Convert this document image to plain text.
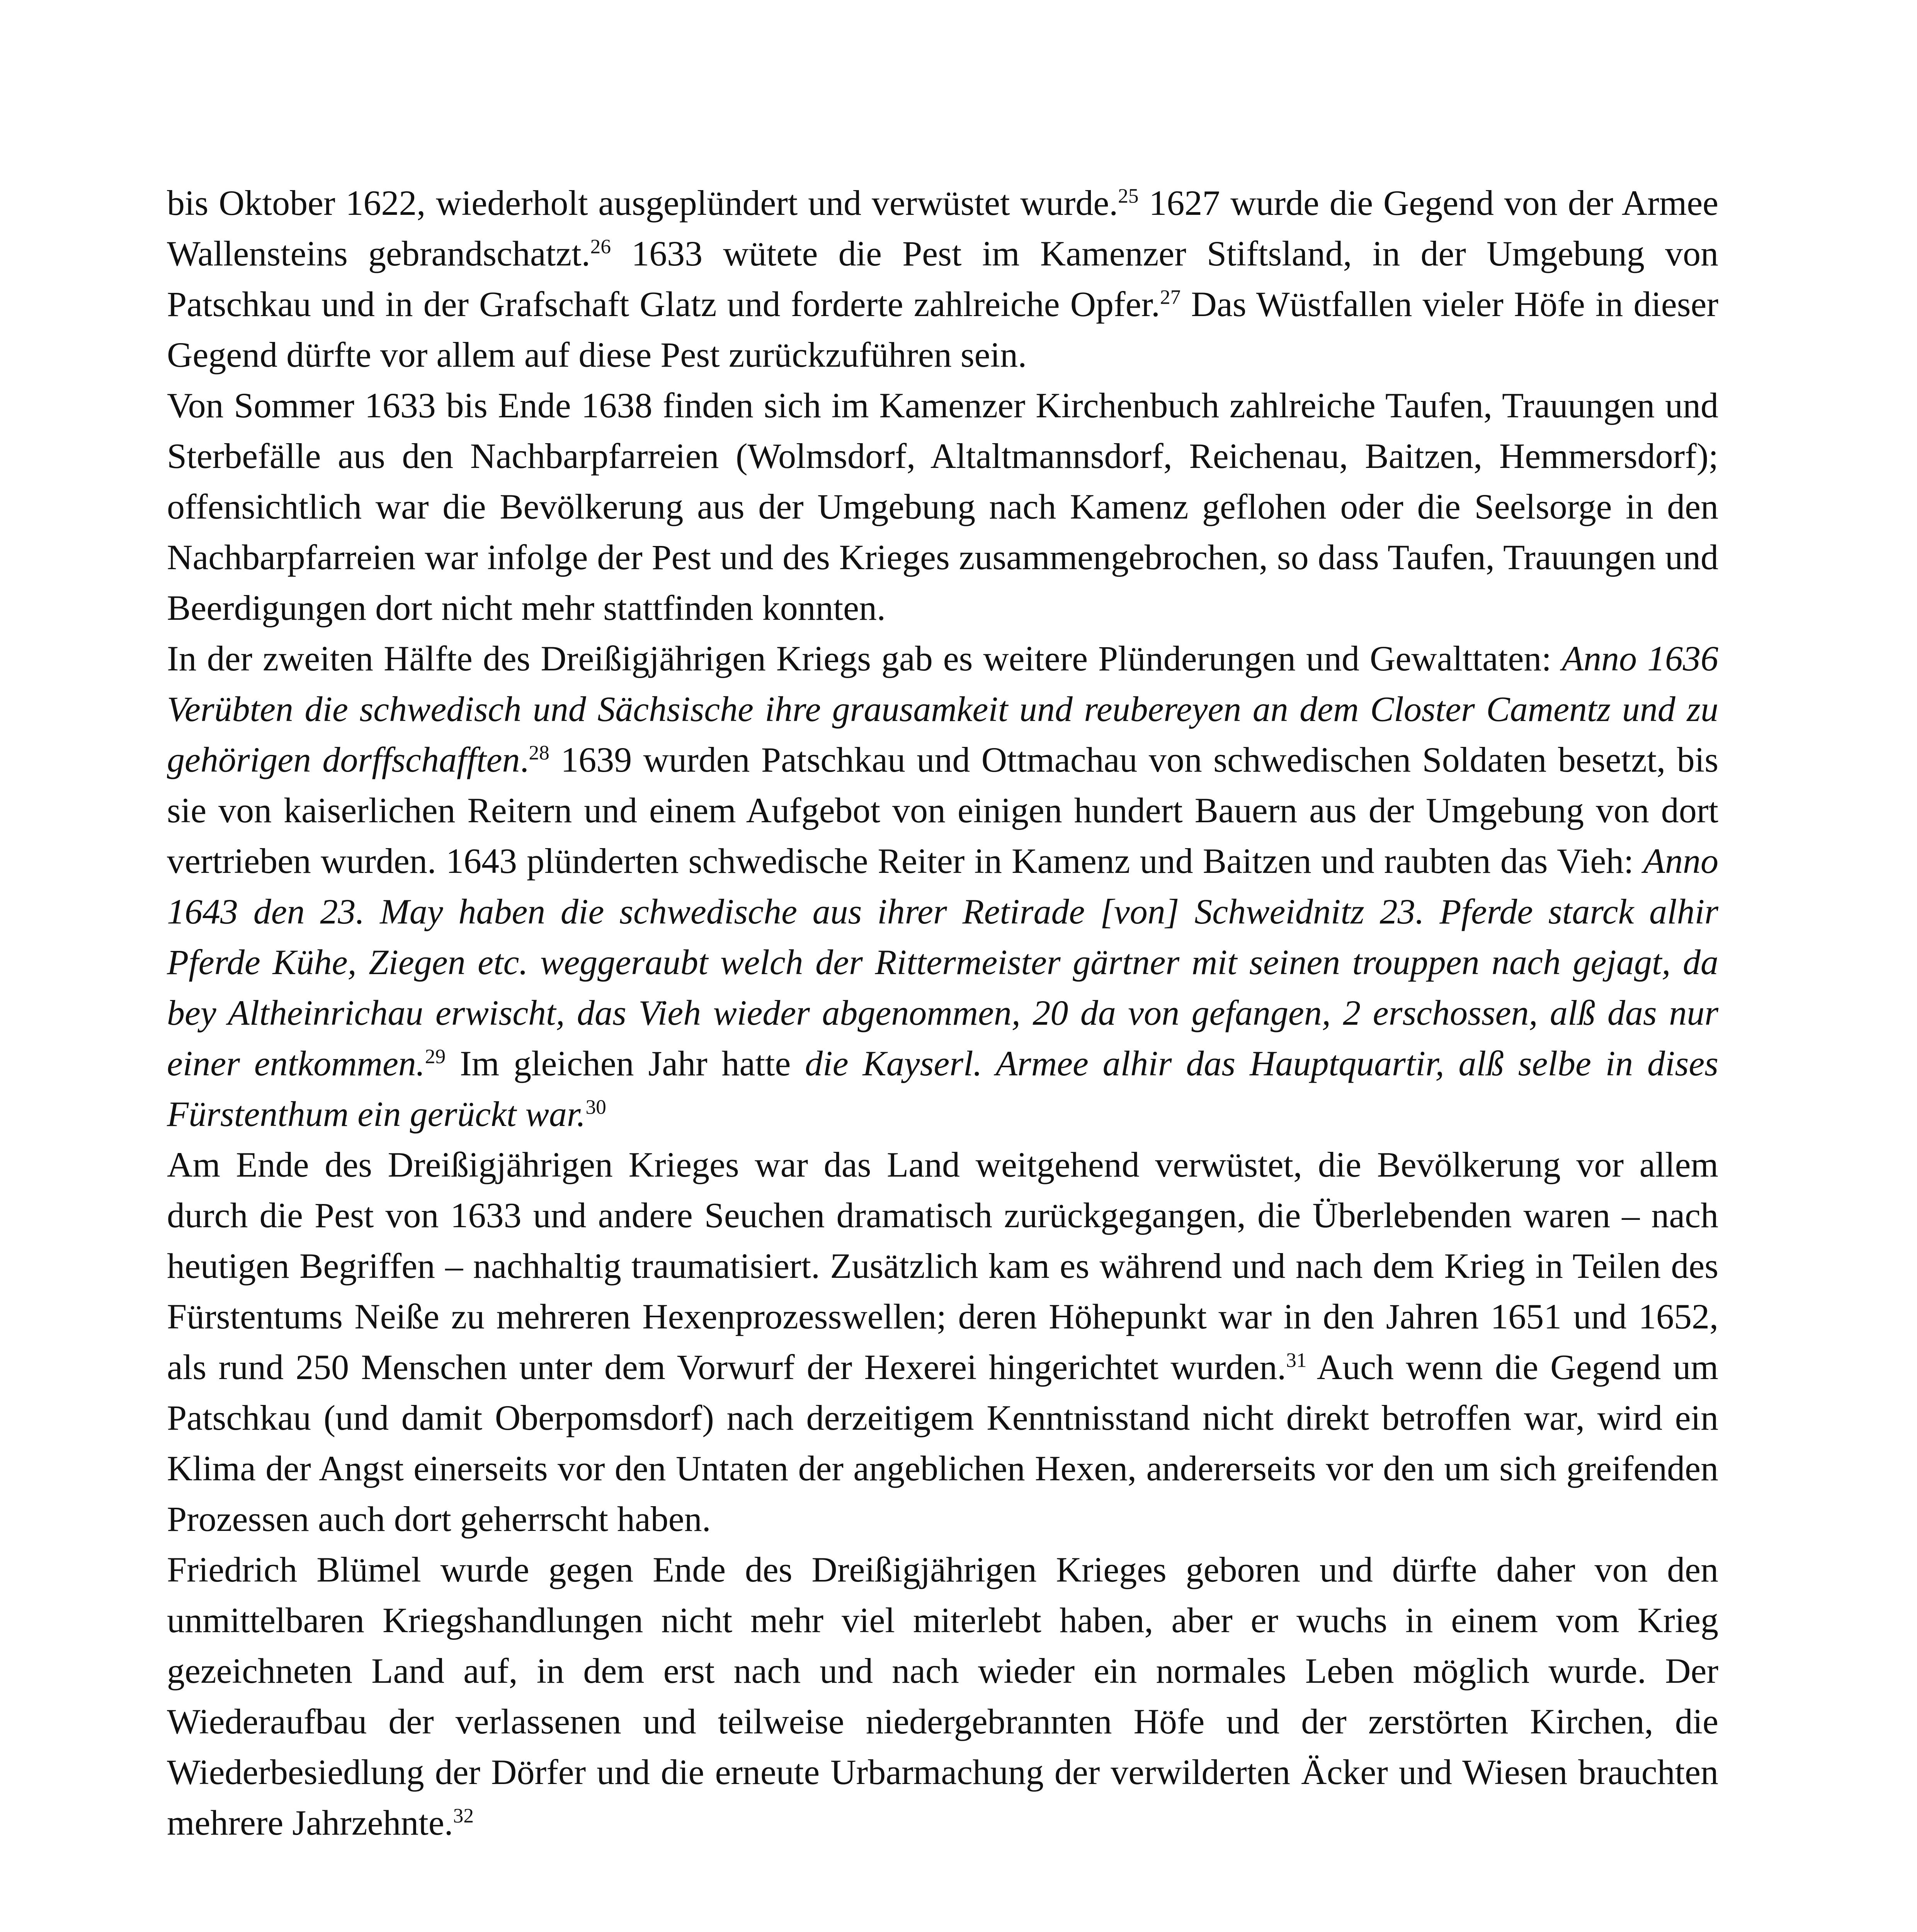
bis Oktober 1622, wiederholt ausgeplündert und verwüstet wurde.$^{25}$ 1627 wurde die Gegend von der Armee Wallensteins gebrandschatzt.$^{26}$ 1633 wütete die Pest im Kamenzer Stiftsland, in der Umgebung von Patschkau und in der Grafschaft Glatz und forderte zahlreiche Opfer.$^{27}$ Das Wüstfallen vieler Höfe in dieser Gegend dürfte vor allem auf diese Pest zurückzuführen sein.

Von Sommer 1633 bis Ende 1638 finden sich im Kamenzer Kirchenbuch zahlreiche Taufen, Trauungen und Sterbefälle aus den Nachbarpfarreien (Wolmsdorf, Altaltmannsdorf, Reichenau, Baitzen, Hemmersdorf); offensichtlich war die Bevölkerung aus der Umgebung nach Kamenz geflohen oder die Seelsorge in den Nachbarpfarreien war infolge der Pest und des Krieges zusammengebrochen, so dass Taufen, Trauungen und Beerdigungen dort nicht mehr stattfinden konnten.

In der zweiten Hälfte des Dreißigjährigen Kriegs gab es weitere Plünderungen und Gewalttaten: Anno 1636 Verübten die schwedisch und Sächsische ihre grausamkeit und reubereyen an dem Closter Camentz und zu gehörigen dorffschafften.$^{28}$ 1639 wurden Patschkau und Ottmachau von schwedischen Soldaten besetzt, bis sie von kaiserlichen Reitern und einem Aufgebot von einigen hundert Bauern aus der Umgebung von dort vertrieben wurden. 1643 plünderten schwedische Reiter in Kamenz und Baitzen und raubten das Vieh: Anno 1643 den 23. May haben die schwedische aus ihrer Retirade [von] Schweidnitz 23. Pferde starck alhir Pferde Kühe, Ziegen etc. weggeraubt welch der Rittermeister gärtner mit seinen trouppen nach gejagt, da bey Altheinrichau erwischt, das Vieh wieder abgenommen, 20 da von gefangen, 2 erschossen, alß das nur einer entkommen.$^{29}$ Im gleichen Jahr hatte die Kayserl. Armee alhir das Hauptquartir, alß selbe in dises Fürstenthum ein gerückt war.$^{30}$

Am Ende des Dreißigjährigen Krieges war das Land weitgehend verwüstet, die Bevölkerung vor allem durch die Pest von 1633 und andere Seuchen dramatisch zurückgegangen, die Überlebenden waren – nach heutigen Begriffen – nachhaltig traumatisiert. Zusätzlich kam es während und nach dem Krieg in Teilen des Fürstentums Neiße zu mehreren Hexenprozesswellen; deren Höhepunkt war in den Jahren 1651 und 1652, als rund 250 Menschen unter dem Vorwurf der Hexerei hingerichtet wurden.$^{31}$ Auch wenn die Gegend um Patschkau (und damit Oberpomsdorf) nach derzeitigem Kenntnisstand nicht direkt betroffen war, wird ein Klima der Angst einerseits vor den Untaten der angeblichen Hexen, andererseits vor den um sich greifenden Prozessen auch dort geherrscht haben.

Friedrich Blümel wurde gegen Ende des Dreißigjährigen Krieges geboren und dürfte daher von den unmittelbaren Kriegshandlungen nicht mehr viel miterlebt haben, aber er wuchs in einem vom Krieg gezeichneten Land auf, in dem erst nach und nach wieder ein normales Leben möglich wurde. Der Wiederaufbau der verlassenen und teilweise niedergebrannten Höfe und der zerstörten Kirchen, die Wiederbesiedlung der Dörfer und die erneute Urbarmachung der verwilderten Äcker und Wiesen brauchten mehrere Jahrzehnte.$^{32}$
